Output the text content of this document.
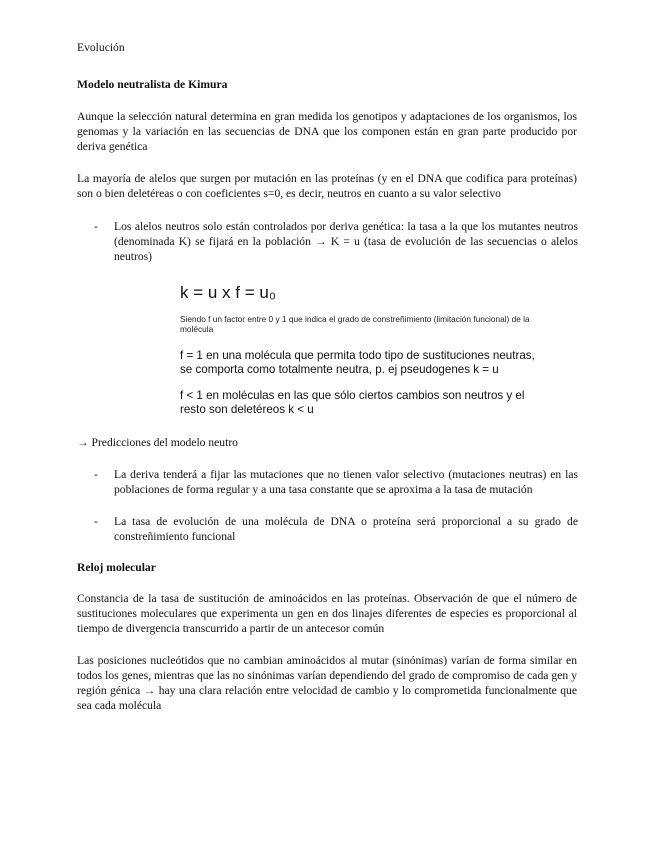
Evolución

Modelo neutralista de Kimura

Aunque la selección natural determina en gran medida los genotipos y adaptaciones de los organismos, los genomas y la variación en las secuencias de DNA que los componen están en gran parte producido por deriva genética

La mayoría de alelos que surgen por mutación en las proteínas (y en el DNA que codifica para proteínas) son o bien deletéreas o con coeficientes s=0, es decir, neutros en cuanto a su valor selectivo

- Los alelos neutros solo están controlados por deriva genética: la tasa a la que los mutantes neutros (denominada K) se fijará en la población → K = u (tasa de evolución de las secuencias o alelos neutros)

k = u x f = u₀

Siendo f un factor entre 0 y 1 que indica el grado de constreñimiento (limitación funcional) de la molécula

f = 1 en una molécula que permita todo tipo de sustituciones neutras, se comporta como totalmente neutra, p. ej pseudogenes k = u

f < 1 en moléculas en las que sólo ciertos cambios son neutros y el resto son deletéreos k < u

→ Predicciones del modelo neutro

- La deriva tenderá a fijar las mutaciones que no tienen valor selectivo (mutaciones neutras) en las poblaciones de forma regular y a una tasa constante que se aproxima a la tasa de mutación

- La tasa de evolución de una molécula de DNA o proteína será proporcional a su grado de constreñimiento funcional

Reloj molecular

Constancia de la tasa de sustitución de aminoácidos en las proteínas. Observación de que el número de sustituciones moleculares que experimenta un gen en dos linajes diferentes de especies es proporcional al tiempo de divergencia transcurrido a partir de un antecesor común

Las posiciones nucleótidos que no cambian aminoácidos al mutar (sinónimas) varían de forma similar en todos los genes, mientras que las no sinónimas varían dependiendo del grado de compromiso de cada gen y región génica → hay una clara relación entre velocidad de cambio y lo comprometida funcionalmente que sea cada molécula
